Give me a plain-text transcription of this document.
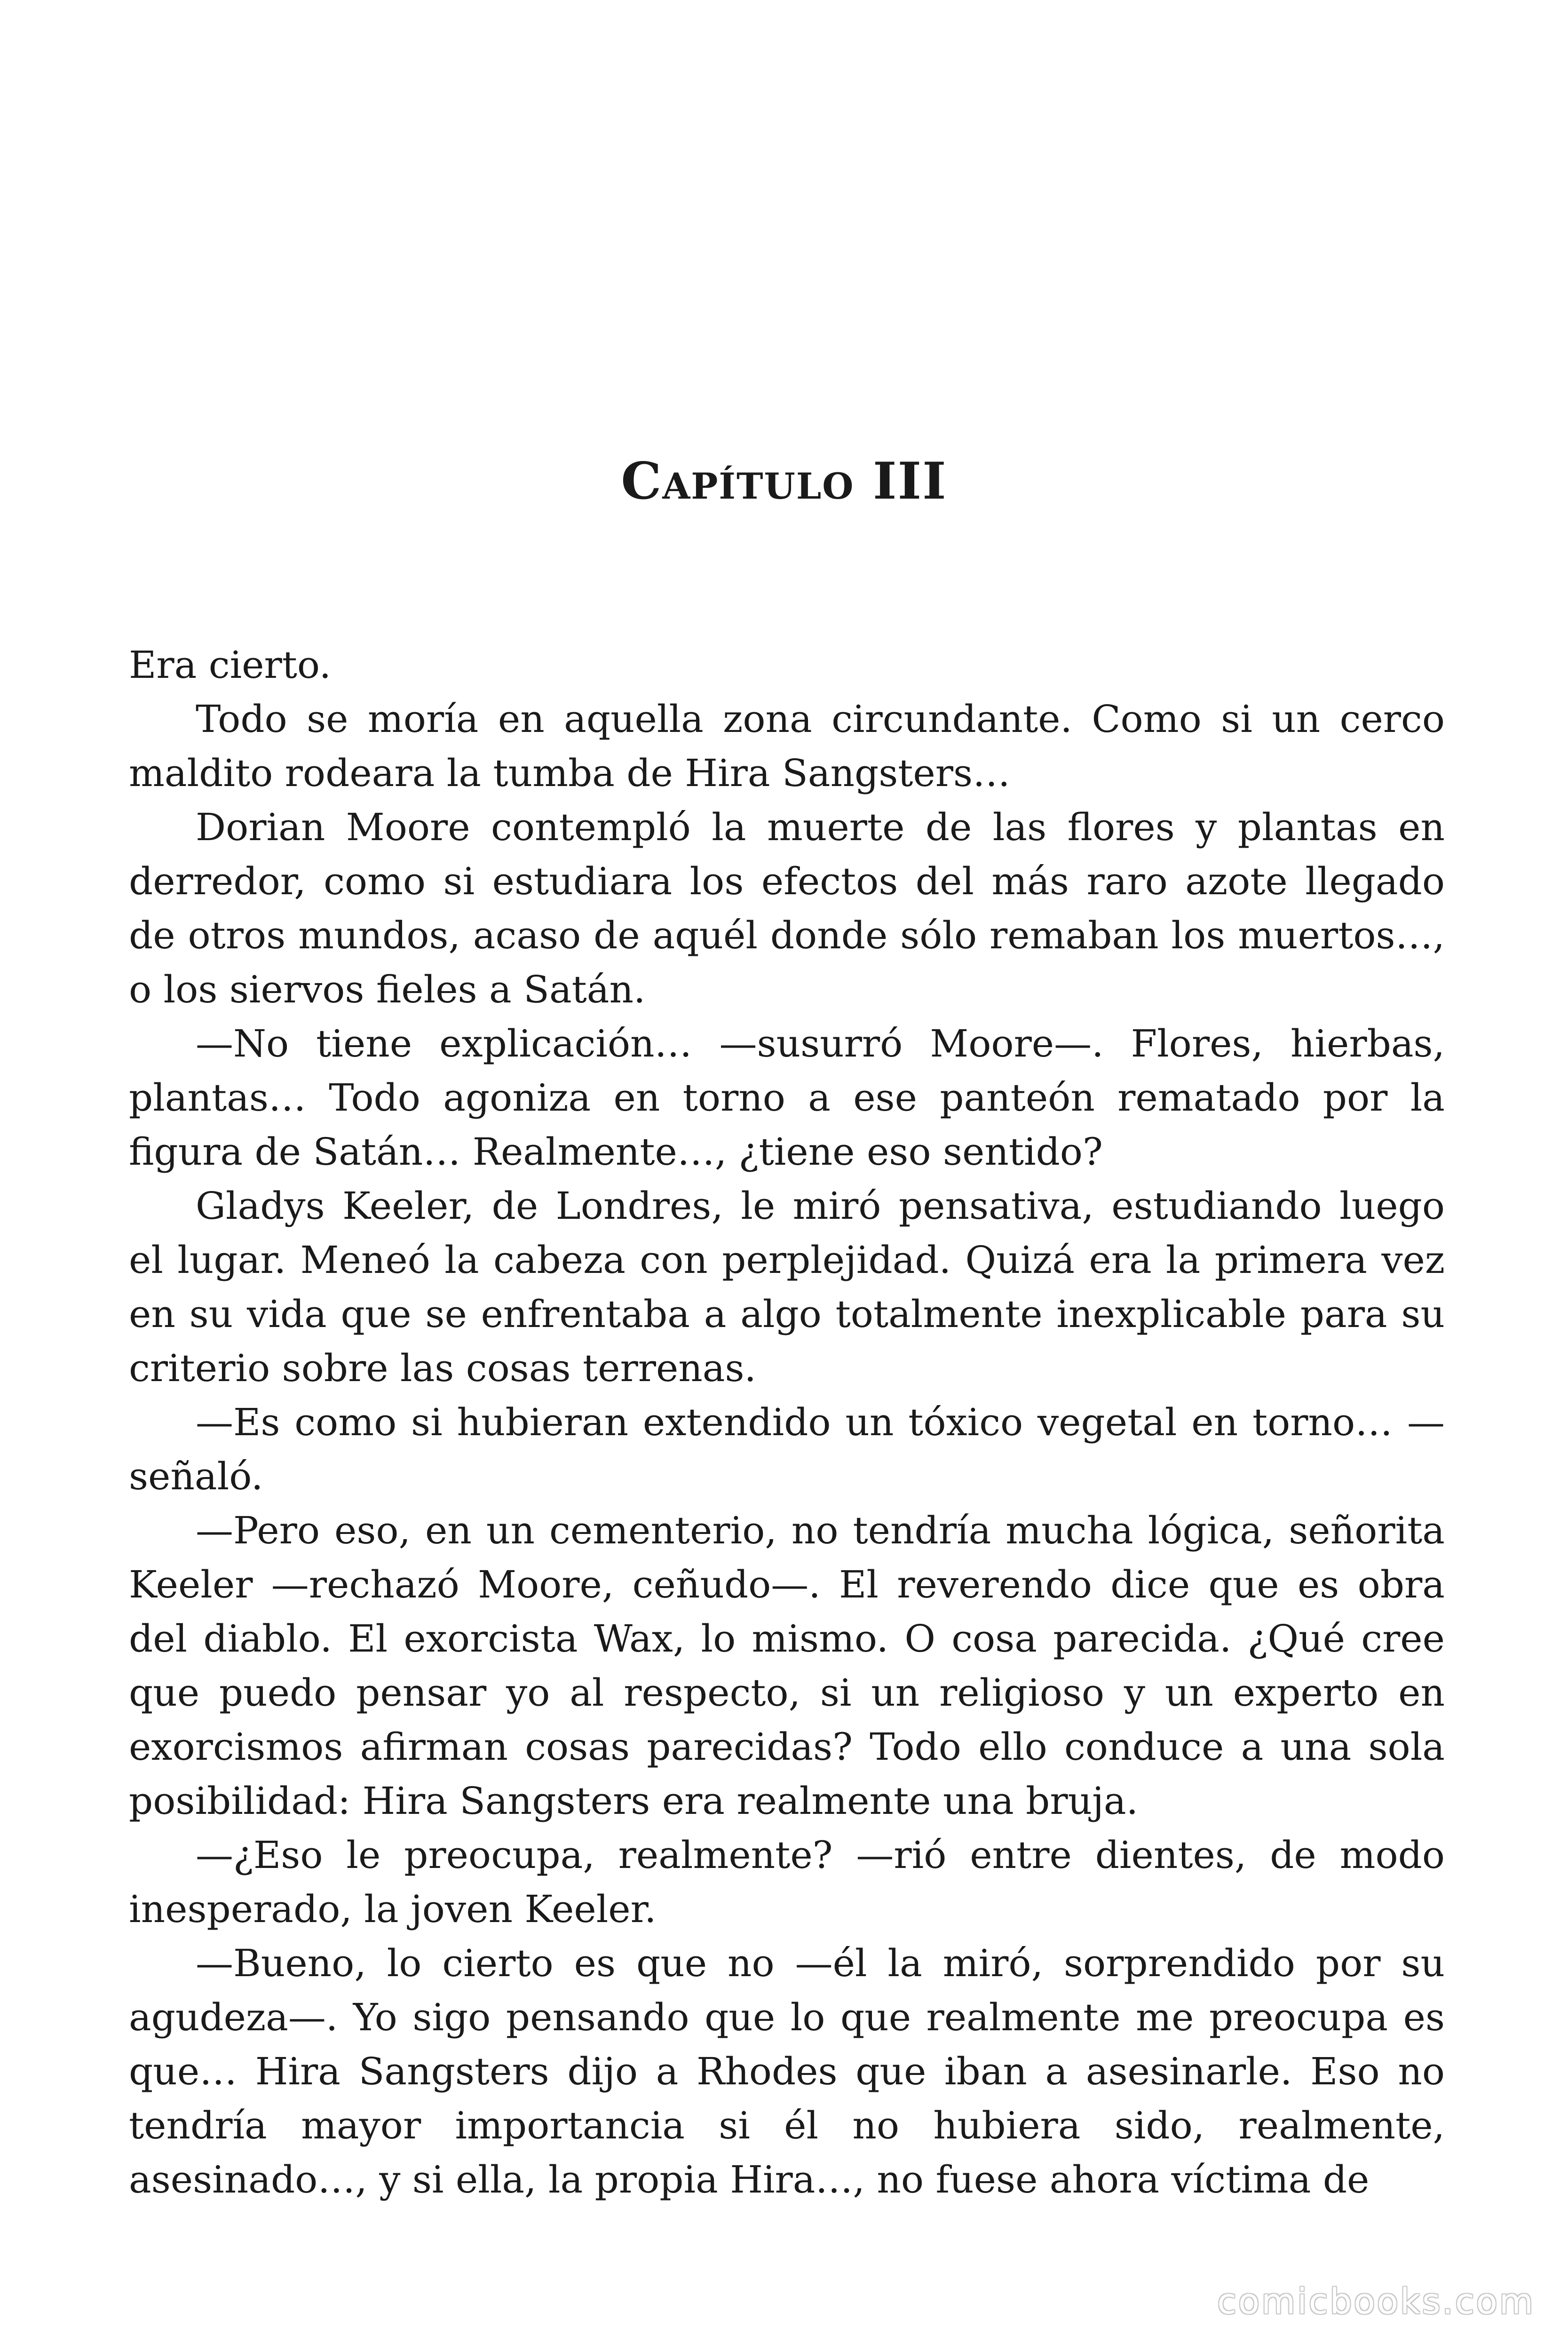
Capítulo III

Era cierto.

Todo se moría en aquella zona circundante. Como si un cerco maldito rodeara la tumba de Hira Sangsters…

Dorian Moore contempló la muerte de las flores y plantas en derredor, como si estudiara los efectos del más raro azote llegado de otros mundos, acaso de aquél donde sólo remaban los muertos…, o los siervos fieles a Satán.

—No tiene explicación… —susurró Moore—. Flores, hierbas, plantas… Todo agoniza en torno a ese panteón rematado por la figura de Satán… Realmente…, ¿tiene eso sentido?

Gladys Keeler, de Londres, le miró pensativa, estudiando luego el lugar. Meneó la cabeza con perplejidad. Quizá era la primera vez en su vida que se enfrentaba a algo totalmente inexplicable para su criterio sobre las cosas terrenas.

—Es como si hubieran extendido un tóxico vegetal en torno… —señaló.

—Pero eso, en un cementerio, no tendría mucha lógica, señorita Keeler —rechazó Moore, ceñudo—. El reverendo dice que es obra del diablo. El exorcista Wax, lo mismo. O cosa parecida. ¿Qué cree que puedo pensar yo al respecto, si un religioso y un experto en exorcismos afirman cosas parecidas? Todo ello conduce a una sola posibilidad: Hira Sangsters era realmente una bruja.

—¿Eso le preocupa, realmente? —rió entre dientes, de modo inesperado, la joven Keeler.

—Bueno, lo cierto es que no —él la miró, sorprendido por su agudeza—. Yo sigo pensando que lo que realmente me preocupa es que… Hira Sangsters dijo a Rhodes que iban a asesinarle. Eso no tendría mayor importancia si él no hubiera sido, realmente, asesinado…, y si ella, la propia Hira…, no fuese ahora víctima de

comicbooks.com
